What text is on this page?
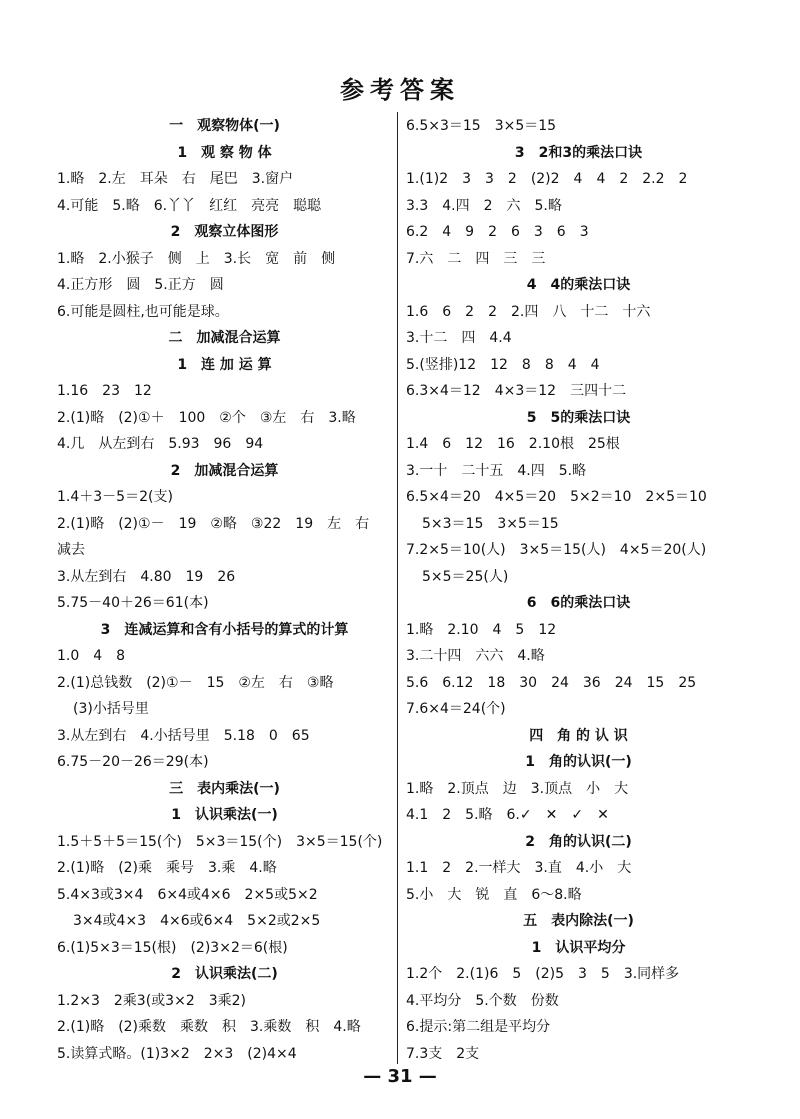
参考答案
一　观察物体(一)
1　观 察 物 体
1.略　2.左　耳朵　右　尾巴　3.窗户
4.可能　5.略　6.丫丫　红红　亮亮　聪聪
2　观察立体图形
1.略　2.小猴子　侧　上　3.长　宽　前　侧
4.正方形　圆　5.正方　圆
6.可能是圆柱,也可能是球。
二　加减混合运算
1　连 加 运 算
1.16　23　12
2.(1)略　(2)①＋　100　②个　③左　右　3.略
4.几　从左到右　5.93　96　94
2　加减混合运算
1.4＋3－5＝2(支)
2.(1)略　(2)①－　19　②略　③22　19　左　右
减去
3.从左到右　4.80　19　26
5.75－40＋26＝61(本)
3　连减运算和含有小括号的算式的计算
1.0　4　8
2.(1)总钱数　(2)①－　15　②左　右　③略
(3)小括号里
3.从左到右　4.小括号里　5.18　0　65
6.75－20－26＝29(本)
三　表内乘法(一)
1　认识乘法(一)
1.5＋5＋5＝15(个)　5×3＝15(个)　3×5＝15(个)
2.(1)略　(2)乘　乘号　3.乘　4.略
5.4×3或3×4　6×4或4×6　2×5或5×2
3×4或4×3　4×6或6×4　5×2或2×5
6.(1)5×3＝15(根)　(2)3×2＝6(根)
2　认识乘法(二)
1.2×3　2乘3(或3×2　3乘2)
2.(1)略　(2)乘数　乘数　积　3.乘数　积　4.略
5.读算式略。(1)3×2　2×3　(2)4×4
6.5×3＝15　3×5＝15
3　2和3的乘法口诀
1.(1)2　3　3　2　(2)2　4　4　2　2.2　2
3.3　4.四　2　六　5.略
6.2　4　9　2　6　3　6　3
7.六　二　四　三　三
4　4的乘法口诀
1.6　6　2　2　2.四　八　十二　十六
3.十二　四　4.4
5.(竖排)12　12　8　8　4　4
6.3×4＝12　4×3＝12　三四十二
5　5的乘法口诀
1.4　6　12　16　2.10根　25根
3.一十　二十五　4.四　5.略
6.5×4＝20　4×5＝20　5×2＝10　2×5＝10
5×3＝15　3×5＝15
7.2×5＝10(人)　3×5＝15(人)　4×5＝20(人)
5×5＝25(人)
6　6的乘法口诀
1.略　2.10　4　5　12
3.二十四　六六　4.略
5.6　6.12　18　30　24　36　24　15　25
7.6×4＝24(个)
四　角 的 认 识
1　角的认识(一)
1.略　2.顶点　边　3.顶点　小　大
4.1　2　5.略　6.✓　✕　✓　✕
2　角的认识(二)
1.1　2　2.一样大　3.直　4.小　大
5.小　大　锐　直　6～8.略
五　表内除法(一)
1　认识平均分
1.2个　2.(1)6　5　(2)5　3　5　3.同样多
4.平均分　5.个数　份数
6.提示:第二组是平均分
7.3支　2支
— 31 —
